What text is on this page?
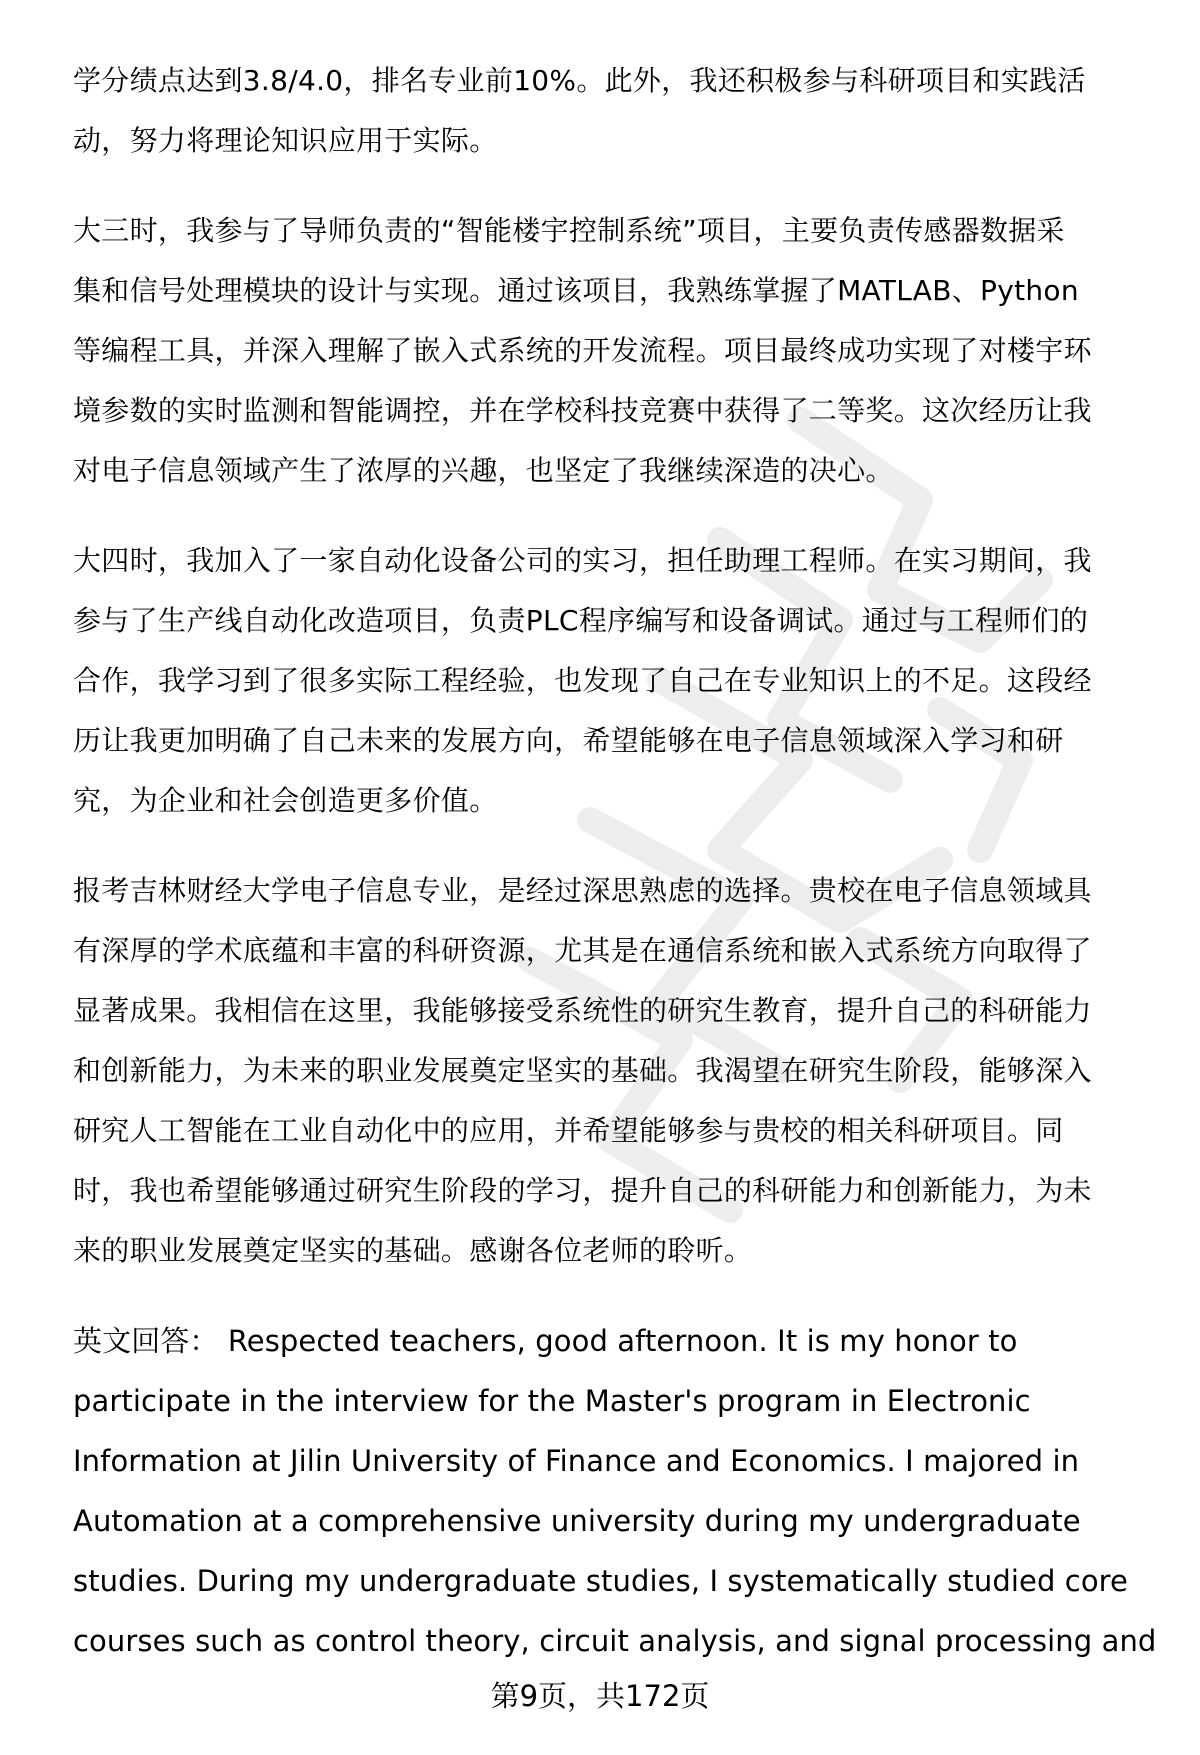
学分绩点达到3.8/4.0，排名专业前10%。此外，我还积极参与科研项目和实践活
动，努力将理论知识应用于实际。
大三时，我参与了导师负责的“智能楼宇控制系统”项目，主要负责传感器数据采
集和信号处理模块的设计与实现。通过该项目，我熟练掌握了MATLAB、Python
等编程工具，并深入理解了嵌入式系统的开发流程。项目最终成功实现了对楼宇环
境参数的实时监测和智能调控，并在学校科技竞赛中获得了二等奖。这次经历让我
对电子信息领域产生了浓厚的兴趣，也坚定了我继续深造的决心。
大四时，我加入了一家自动化设备公司的实习，担任助理工程师。在实习期间，我
参与了生产线自动化改造项目，负责PLC程序编写和设备调试。通过与工程师们的
合作，我学习到了很多实际工程经验，也发现了自己在专业知识上的不足。这段经
历让我更加明确了自己未来的发展方向，希望能够在电子信息领域深入学习和研
究，为企业和社会创造更多价值。
报考吉林财经大学电子信息专业，是经过深思熟虑的选择。贵校在电子信息领域具
有深厚的学术底蕴和丰富的科研资源，尤其是在通信系统和嵌入式系统方向取得了
显著成果。我相信在这里，我能够接受系统性的研究生教育，提升自己的科研能力
和创新能力，为未来的职业发展奠定坚实的基础。我渴望在研究生阶段，能够深入
研究人工智能在工业自动化中的应用，并希望能够参与贵校的相关科研项目。同
时，我也希望能够通过研究生阶段的学习，提升自己的科研能力和创新能力，为未
来的职业发展奠定坚实的基础。感谢各位老师的聆听。
英文回答： Respected teachers, good afternoon. It is my honor to
participate in the interview for the Master's program in Electronic
Information at Jilin University of Finance and Economics. I majored in
Automation at a comprehensive university during my undergraduate
studies. During my undergraduate studies, I systematically studied core
courses such as control theory, circuit analysis, and signal processing and
第9页，共172页
